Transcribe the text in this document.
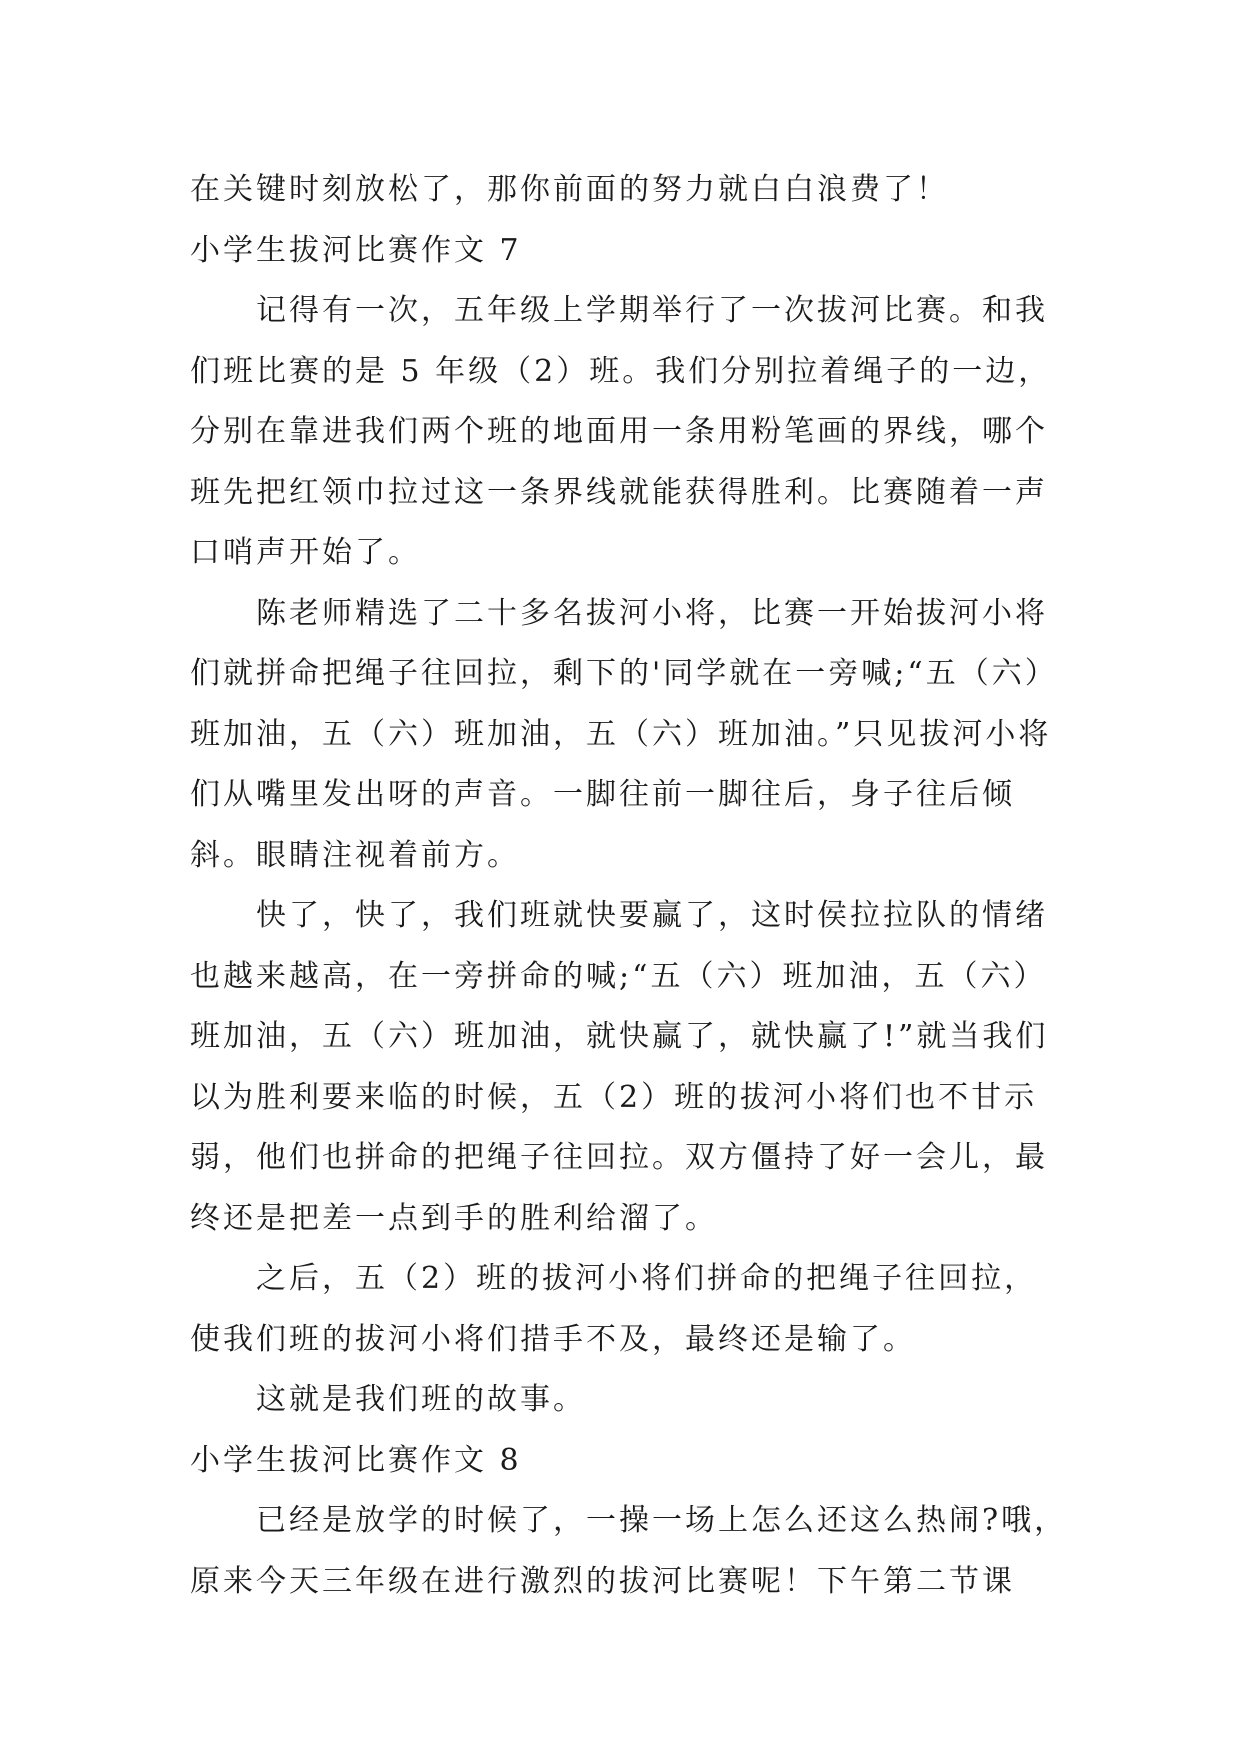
在关键时刻放松了，那你前面的努力就白白浪费了！

小学生拔河比赛作文 7

记得有一次，五年级上学期举行了一次拔河比赛。和我们班比赛的是 5 年级（2）班。我们分别拉着绳子的一边，分别在靠进我们两个班的地面用一条用粉笔画的界线，哪个班先把红领巾拉过这一条界线就能获得胜利。比赛随着一声口哨声开始了。

陈老师精选了二十多名拔河小将，比赛一开始拔河小将们就拼命把绳子往回拉，剩下的'同学就在一旁喊;“五（六）班加油，五（六）班加油，五（六）班加油。”只见拔河小将们从嘴里发出呀的声音。一脚往前一脚往后，身子往后倾斜。眼睛注视着前方。

快了，快了，我们班就快要赢了，这时侯拉拉队的情绪也越来越高，在一旁拼命的喊;“五（六）班加油，五（六）班加油，五（六）班加油，就快赢了，就快赢了!”就当我们以为胜利要来临的时候，五（2）班的拔河小将们也不甘示弱，他们也拼命的把绳子往回拉。双方僵持了好一会儿，最终还是把差一点到手的胜利给溜了。

之后，五（2）班的拔河小将们拼命的把绳子往回拉，使我们班的拔河小将们措手不及，最终还是输了。

这就是我们班的故事。

小学生拔河比赛作文 8

已经是放学的时候了，一操一场上怎么还这么热闹?哦，原来今天三年级在进行激烈的拔河比赛呢！下午第二节课
